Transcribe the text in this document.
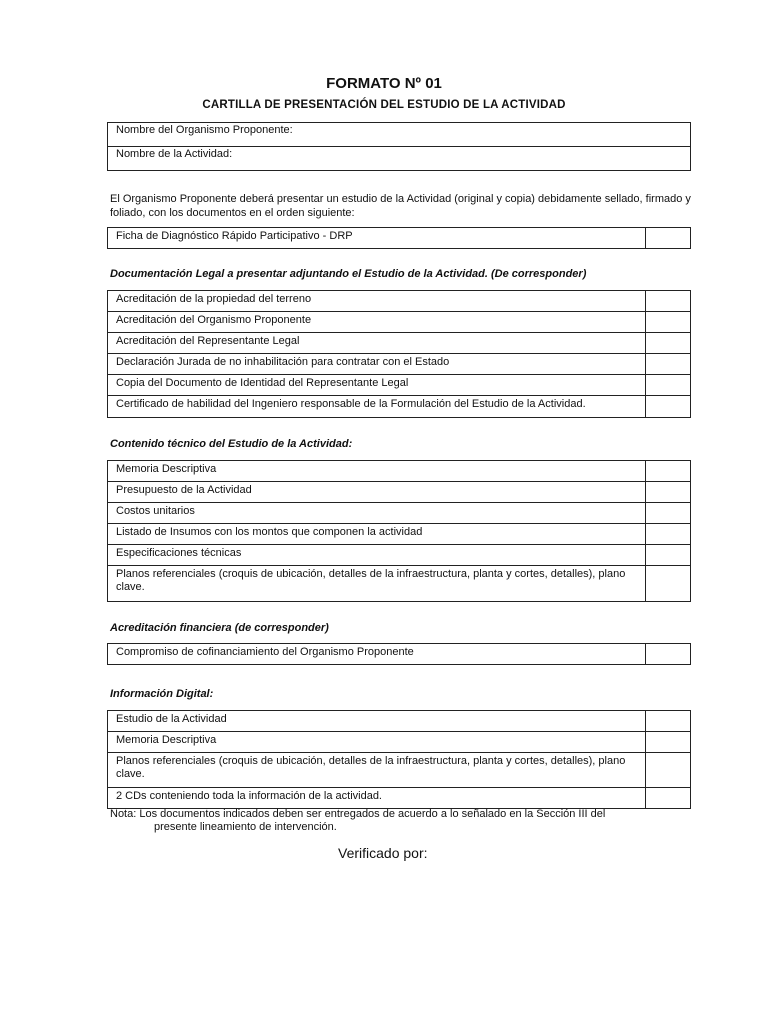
FORMATO Nº 01
CARTILLA DE PRESENTACIÓN DEL ESTUDIO DE LA ACTIVIDAD
Nombre del Organismo Proponente:
Nombre de la Actividad:
El Organismo Proponente deberá presentar un estudio de la Actividad (original y copia) debidamente sellado, firmado y foliado, con los documentos en el orden siguiente:
Ficha de Diagnóstico Rápido Participativo - DRP	
Documentación Legal a presentar adjuntando el Estudio de la Actividad. (De corresponder)
Acreditación de la propiedad del terreno	
Acreditación del Organismo Proponente	
Acreditación del Representante Legal	
Declaración Jurada de no inhabilitación para contratar con el Estado	
Copia del Documento de Identidad del Representante Legal	
Certificado de habilidad del Ingeniero responsable de la Formulación del Estudio de la Actividad.	
Contenido técnico del Estudio de la Actividad:
Memoria Descriptiva	
Presupuesto de la Actividad	
Costos unitarios	
Listado de Insumos con los montos que componen la actividad	
Especificaciones técnicas	
Planos referenciales (croquis de ubicación, detalles de la infraestructura, planta y cortes, detalles), plano clave.	
Acreditación financiera (de corresponder)
Compromiso de cofinanciamiento del Organismo Proponente	
Información Digital:
Estudio de la Actividad	
Memoria Descriptiva	
Planos referenciales (croquis de ubicación, detalles de la infraestructura, planta y cortes, detalles), plano clave.	
2 CDs conteniendo toda la información de la actividad.	
Nota: Los documentos indicados deben ser entregados de acuerdo a lo señalado en la Sección III del
presente lineamiento de intervención.
Verificado por:
